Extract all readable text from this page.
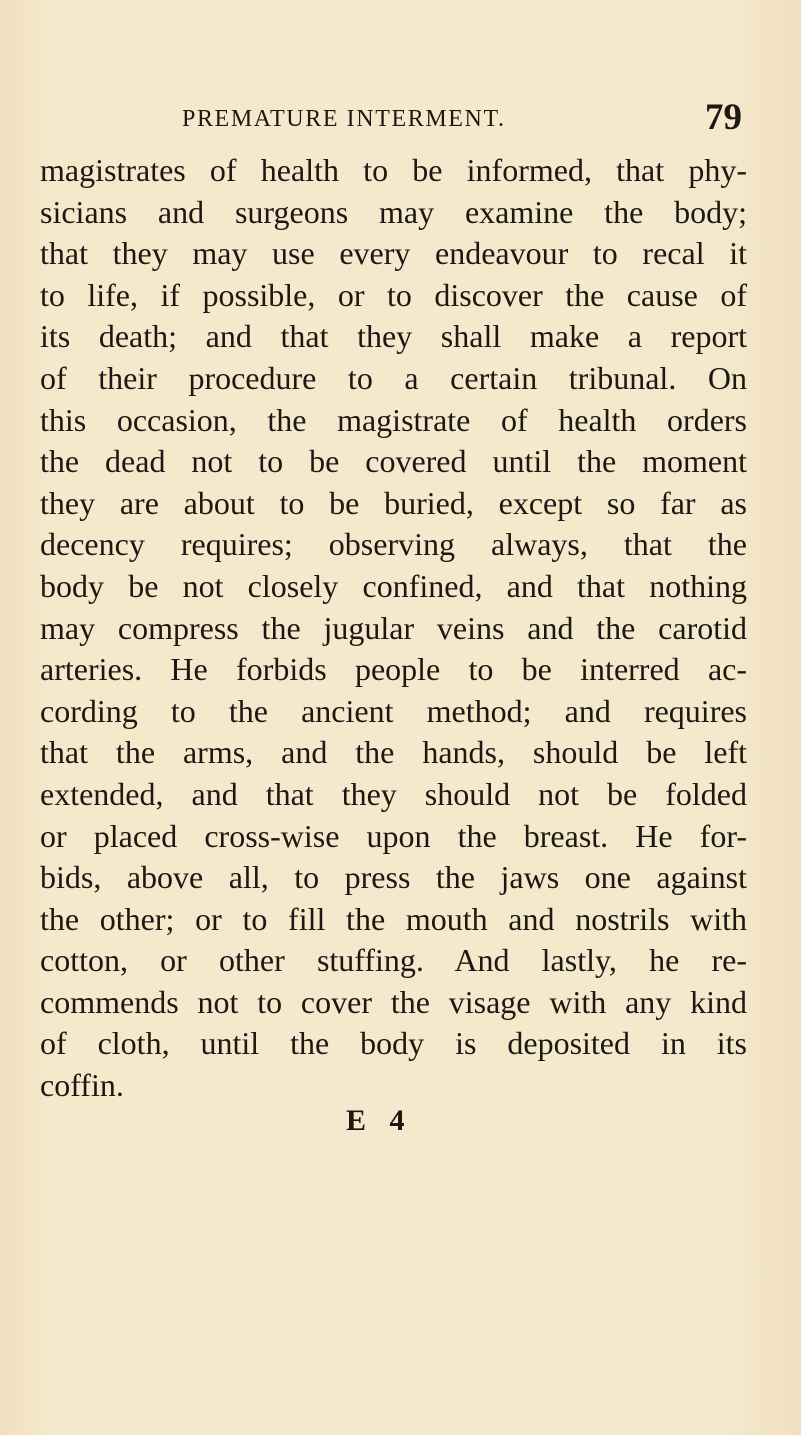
PREMATURE INTERMENT.	79
magistrates of health to be informed, that phy-
sicians and surgeons may examine the body;
that they may use every endeavour to recal it
to life, if possible, or to discover the cause of
its death; and that they shall make a report
of their procedure to a certain tribunal. On
this occasion, the magistrate of health orders
the dead not to be covered until the moment
they are about to be buried, except so far as
decency requires; observing always, that the
body be not closely confined, and that nothing
may compress the jugular veins and the carotid
arteries. He forbids people to be interred ac-
cording to the ancient method; and requires
that the arms, and the hands, should be left
extended, and that they should not be folded
or placed cross-wise upon the breast. He for-
bids, above all, to press the jaws one against
the other; or to fill the mouth and nostrils with
cotton, or other stuffing. And lastly, he re-
commends not to cover the visage with any kind
of cloth, until the body is deposited in its
coffin.
E 4
